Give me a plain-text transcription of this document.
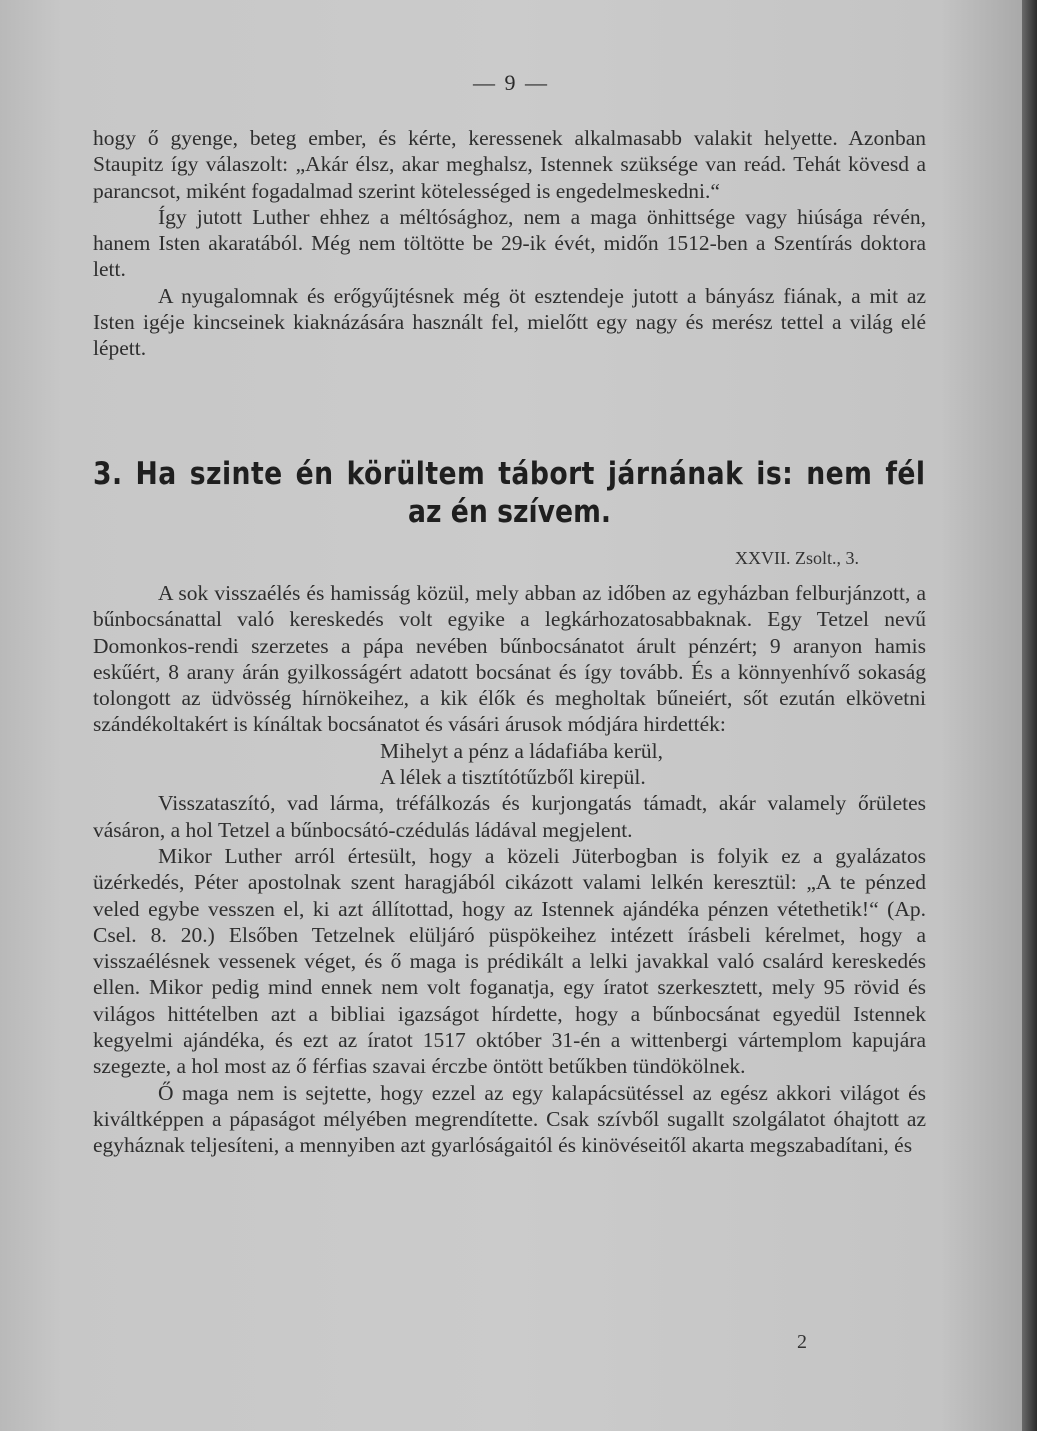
— 9 —

hogy ő gyenge, beteg ember, és kérte, keressenek alkalmasabb valakit helyette. Azonban Staupitz így válaszolt: „Akár élsz, akar meghalsz, Istennek szüksége van reád. Tehát kövesd a parancsot, miként fogadalmad szerint kötelességed is engedelmeskedni.“

Így jutott Luther ehhez a méltósághoz, nem a maga önhittsége vagy hiúsága révén, hanem Isten akaratából. Még nem töltötte be 29-ik évét, midőn 1512-ben a Szentírás doktora lett.

A nyugalomnak és erőgyűjtésnek még öt esztendeje jutott a bányász fiának, a mit az Isten igéje kincseinek kiaknázására használt fel, mielőtt egy nagy és merész tettel a világ elé lépett.

3. Ha szinte én körültem tábort járnának is: nem fél
az én szívem.
XXVII. Zsolt., 3.

A sok visszaélés és hamisság közül, mely abban az időben az egyházban felburjánzott, a bűnbocsánattal való kereskedés volt egyike a legkárhozatosabbaknak. Egy Tetzel nevű Domonkos-rendi szerzetes a pápa nevében bűnbocsánatot árult pénzért; 9 aranyon hamis eskűért, 8 arany árán gyilkosságért adatott bocsánat és így tovább. És a könnyenhívő sokaság tolongott az üdvösség hírnökeihez, a kik élők és megholtak bűneiért, sőt ezután elkövetni szándékoltakért is kínáltak bocsánatot és vásári árusok módjára hirdették:

Mihelyt a pénz a ládafiába kerül,

A lélek a tisztítótűzből kirepül.

Visszataszító, vad lárma, tréfálkozás és kurjongatás támadt, akár valamely őrületes vásáron, a hol Tetzel a bűnbocsátó-czédulás ládával megjelent.

Mikor Luther arról értesült, hogy a közeli Jüterbogban is folyik ez a gyalázatos üzérkedés, Péter apostolnak szent haragjából cikázott valami lelkén keresztül: „A te pénzed veled egybe vesszen el, ki azt állítottad, hogy az Istennek ajándéka pénzen vétethetik!“ (Ap. Csel. 8. 20.) Elsőben Tetzelnek elüljáró püspökeihez intézett írásbeli kérelmet, hogy a visszaélésnek vessenek véget, és ő maga is prédikált a lelki javakkal való csalárd kereskedés ellen. Mikor pedig mind ennek nem volt foganatja, egy íratot szerkesztett, mely 95 rövid és világos hittételben azt a bibliai igazságot hírdette, hogy a bűnbocsánat egyedül Istennek kegyelmi ajándéka, és ezt az íratot 1517 október 31-én a wittenbergi vártemplom kapujára szegezte, a hol most az ő férfias szavai érczbe öntött betűkben tündökölnek.

Ő maga nem is sejtette, hogy ezzel az egy kalapácsütéssel az egész akkori világot és kiváltképpen a pápaságot mélyében megrendítette. Csak szívből sugallt szolgálatot óhajtott az egyháznak teljesíteni, a mennyiben azt gyarlóságaitól és kinövéseitől akarta megszabadítani, és

2
